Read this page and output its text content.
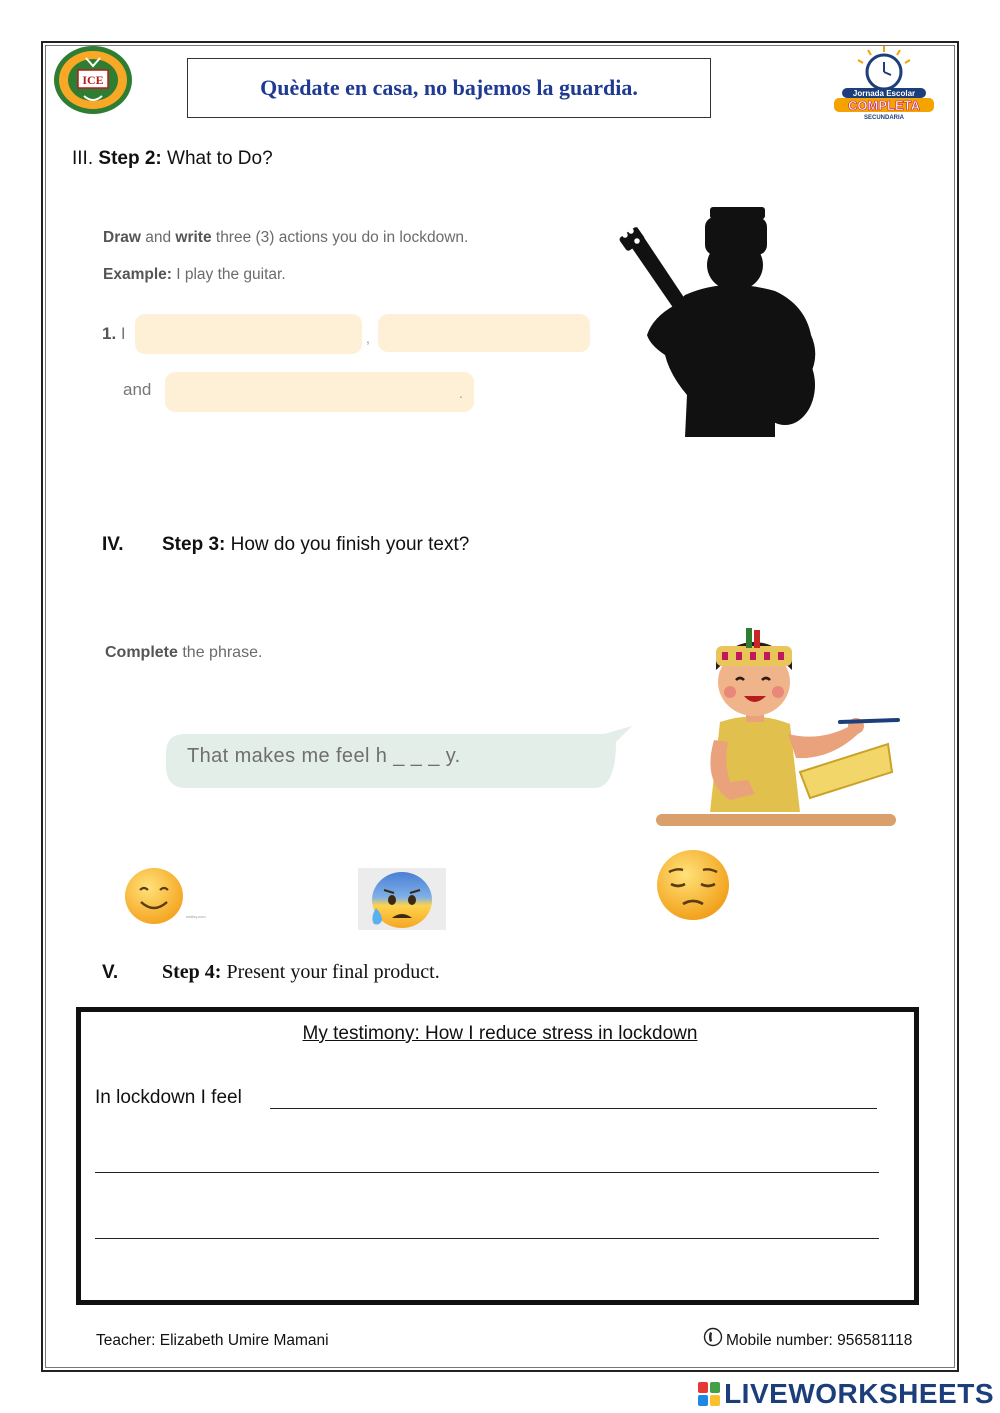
ICE	Quèdate en casa, no bajemos la guardia.	Jornada Escolar
COMPLETA
SECUNDARIA
III. Step 2: What to Do?
Draw and write three (3) actions you do in lockdown.
Example: I play the guitar.
1. I	,
and	.
IV. Step 3: How do you finish your text?
Complete the phrase.
That makes me feel h _ _ _ y.
smiley.com
V. Step 4: Present your final product.
My testimony: How I reduce stress in lockdown
In lockdown I feel
Teacher: Elizabeth Umire Mamani	Mobile number: 956581118
LIVEWORKSHEETS
